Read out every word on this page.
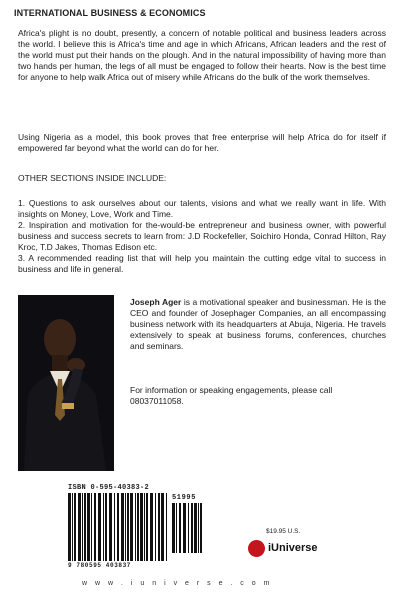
INTERNATIONAL BUSINESS & ECONOMICS
Africa's plight is no doubt, presently, a concern of notable political and business leaders across the world. I believe this is Africa's time and age in which Africans, African leaders and the rest of the world must put their hands on the plough. And in the natural impossibility of having more than two hands per human, the legs of all must be engaged to follow their hearts. Now is the best time for anyone to help walk Africa out of misery while Africans do the bulk of the work themselves.
Using Nigeria as a model, this book proves that free enterprise will help Africa do for itself if empowered far beyond what the world can do for her.
OTHER SECTIONS INSIDE INCLUDE:

1. Questions to ask ourselves about our talents, visions and what we really want in life. With insights on Money, Love, Work and Time.

2. Inspiration and motivation for the-would-be entrepreneur and business owner, with powerful business and success secrets to learn from: J.D Rockefeller, Soichiro Honda, Conrad Hilton, Ray Kroc, T.D Jakes, Thomas Edison etc.

3. A recommended reading list that will help you maintain the cutting edge vital to success in business and life in general.

Joseph Ager is a motivational speaker and businessman. He is the CEO and founder of Josephager Companies, an all encompassing business network with its headquarters at Abuja, Nigeria. He travels extensively to speak at business forums, conferences, churches and seminars.
For information or speaking engagements, please call 08037011058.
ISBN 0-595-40383-2
51995
9 780595 403837
$19.95 U.S.
iUniverse
w w w . i u n i v e r s e . c o m
